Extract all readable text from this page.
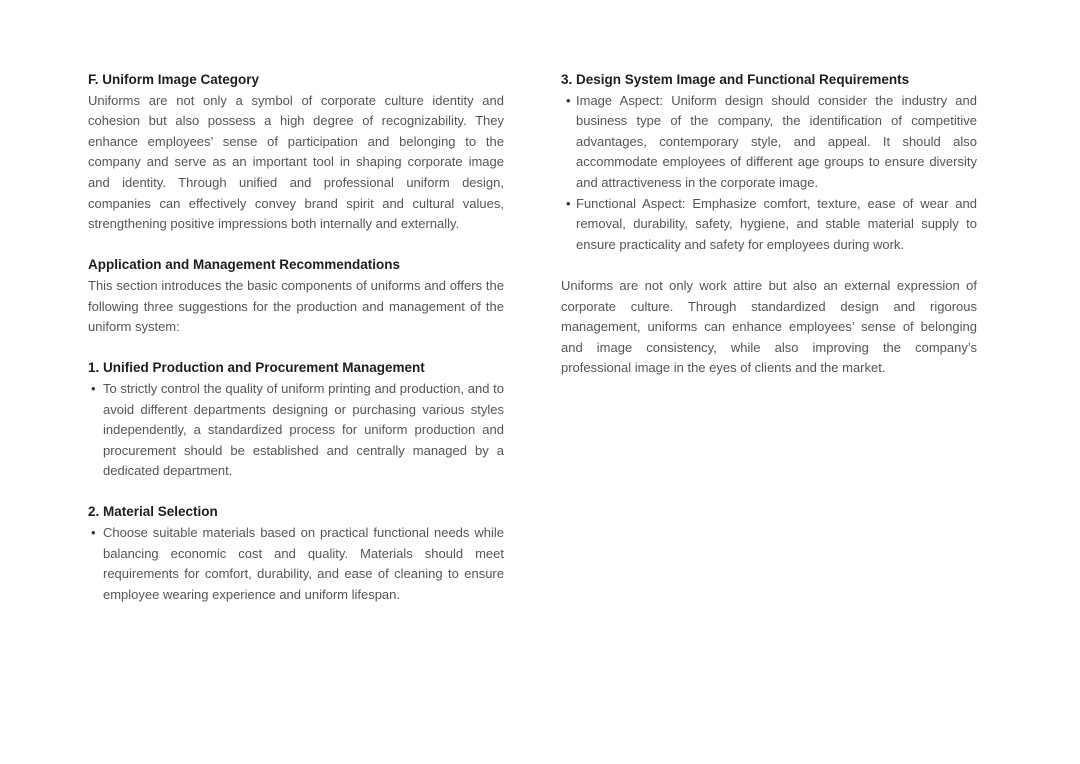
F. Uniform Image Category

Uniforms are not only a symbol of corporate culture identity and cohesion but also possess a high degree of recognizability. They enhance employees’ sense of participation and belonging to the company and serve as an important tool in shaping corporate image and identity. Through unified and professional uniform design, companies can effectively convey brand spirit and cultural values, strengthening positive impressions both internally and externally.

Application and Management Recommendations

This section introduces the basic components of uniforms and offers the following three suggestions for the production and management of the uniform system:

1. Unified Production and Procurement Management
• To strictly control the quality of uniform printing and production, and to avoid different departments designing or purchasing various styles independently, a standardized process for uniform production and procurement should be established and centrally managed by a dedicated department.
2. Material Selection
• Choose suitable materials based on practical functional needs while balancing economic cost and quality. Materials should meet requirements for comfort, durability, and ease of cleaning to ensure employee wearing experience and uniform lifespan.
3. Design System Image and Functional Requirements
• Image Aspect: Uniform design should consider the industry and business type of the company, the identification of competitive advantages, contemporary style, and appeal. It should also accommodate employees of different age groups to ensure diversity and attractiveness in the corporate image.
• Functional Aspect: Emphasize comfort, texture, ease of wear and removal, durability, safety, hygiene, and stable material supply to ensure practicality and safety for employees during work.

Uniforms are not only work attire but also an external expression of corporate culture. Through standardized design and rigorous management, uniforms can enhance employees’ sense of belonging and image consistency, while also improving the company’s professional image in the eyes of clients and the market.
